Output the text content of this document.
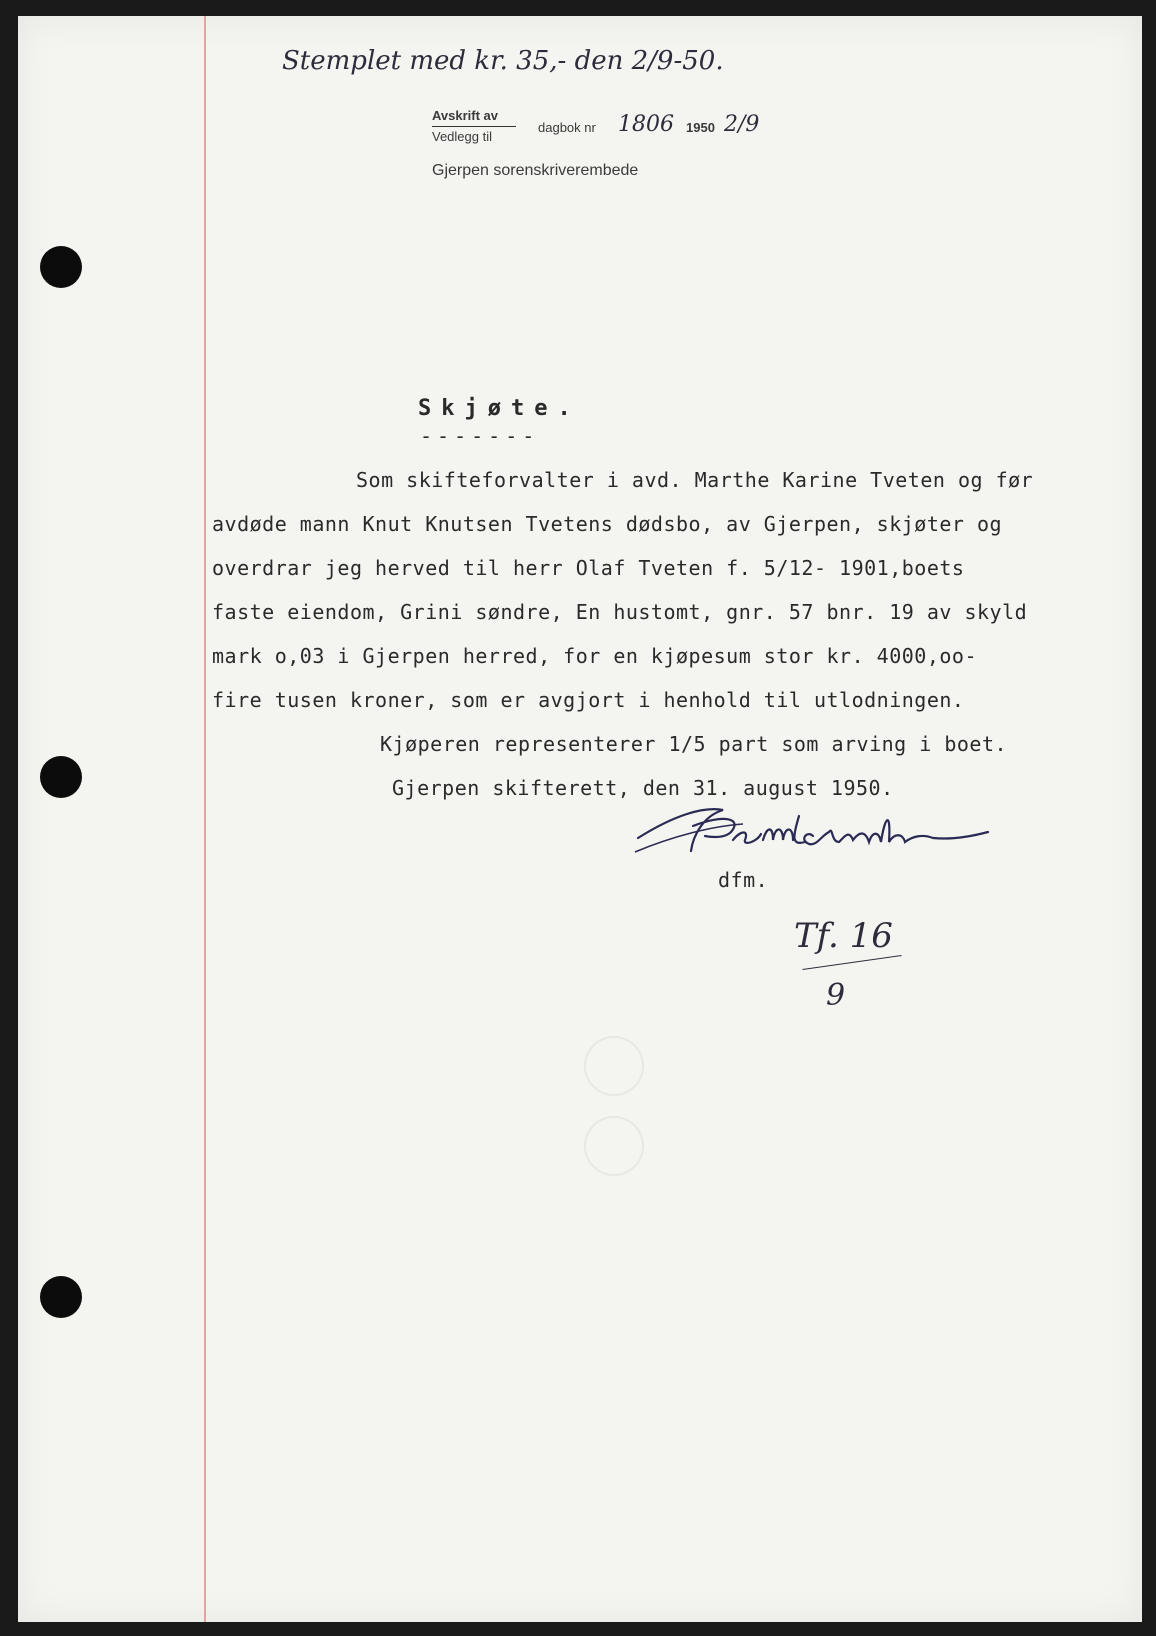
Stemplet med kr. 35,- den 2/9-50.
Avskrift av
Vedlegg til
dagbok nr 1806 1950 2/9
Gjerpen sorenskriverembede
Skjøte.
-------
Som skifteforvalter i avd. Marthe Karine Tveten og før
avdøde mann Knut Knutsen Tvetens dødsbo, av Gjerpen, skjøter og
overdrar jeg herved til herr Olaf Tveten f. 5/12- 1901,boets
faste eiendom, Grini søndre, En hustomt, gnr. 57 bnr. 19 av skyld
mark o,03 i Gjerpen herred, for en kjøpesum stor kr. 4000,oo-
fire tusen kroner, som er avgjort i henhold til utlodningen.
Kjøperen representerer 1/5 part som arving i boet.
Gjerpen skifterett, den 31. august 1950.
dfm.
Tf. 16
9
